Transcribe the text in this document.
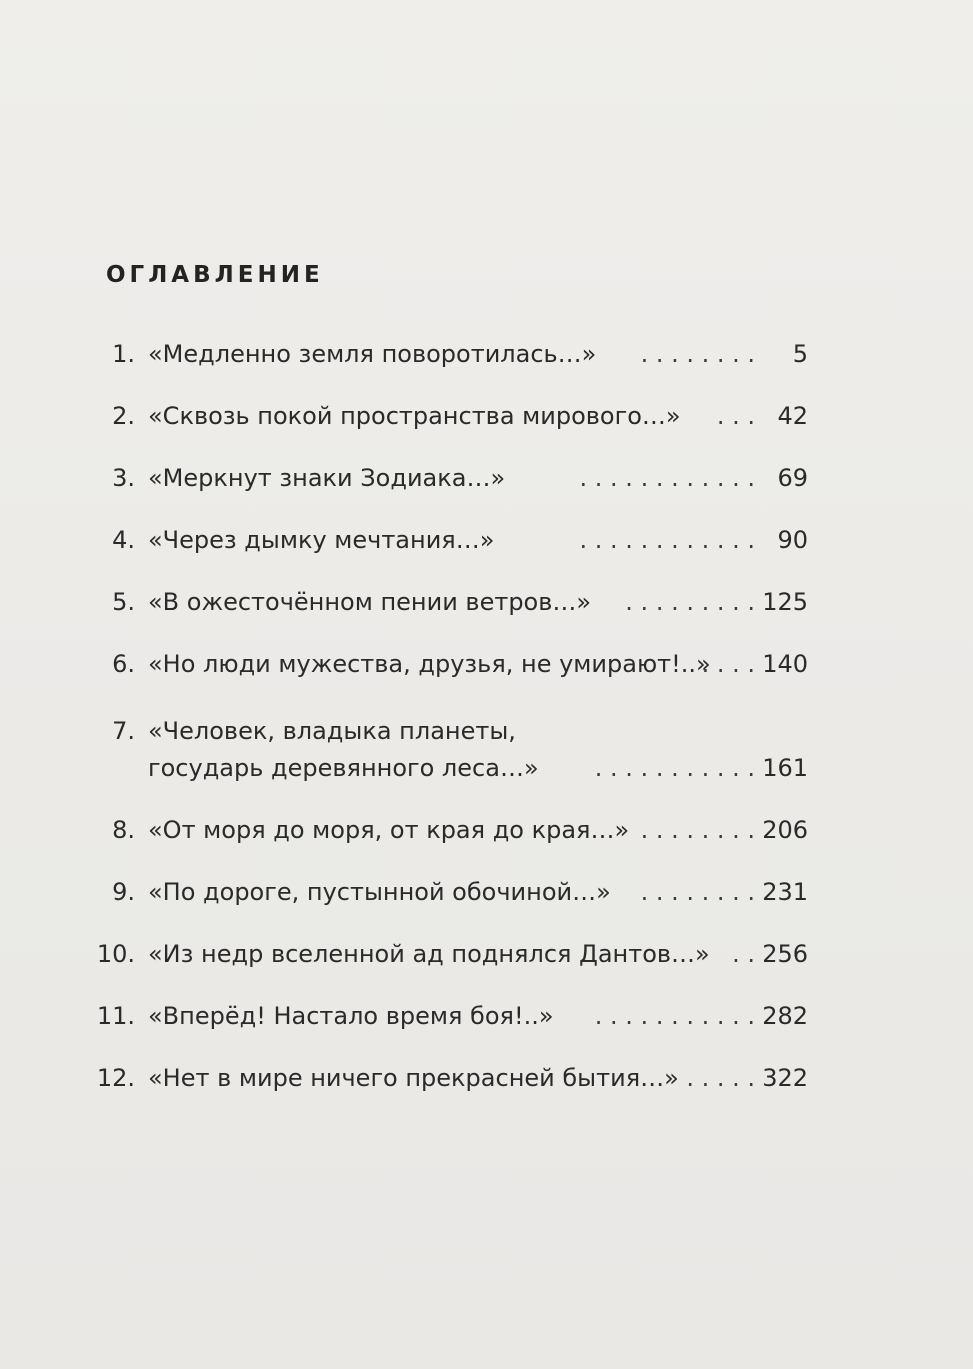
ОГЛАВЛЕНИЕ
1. «Медленно земля поворотилась…» . . . . . . . . 5
2. «Сквозь покой пространства мирового…» . . . 42
3. «Меркнут знаки Зодиака…»	. . . . . . . . . . . . 69
4. «Через дымку мечтания…»	. . . . . . . . . . . . 90
5. «В ожесточённом пении ветров…» . . . . . . . . . 125
6. «Но люди мужества, друзья, не умирают!..»
. . . . 140
7. «Человек, владыка планеты,
государь деревянного леса…» . . . . . . . . . . . 161
8. «От моря до моря, от края до края…» . . . . . . . . 206
9. «По дороге, пустынной обочиной…» . . . . . . . . 231
10. «Из недр вселенной ад поднялся Дантов…» . . 256
11. «Вперёд! Настало время боя!..» . . . . . . . . . . . 282
12. «Нет в мире ничего прекрасней бытия…» . . . . . 322
